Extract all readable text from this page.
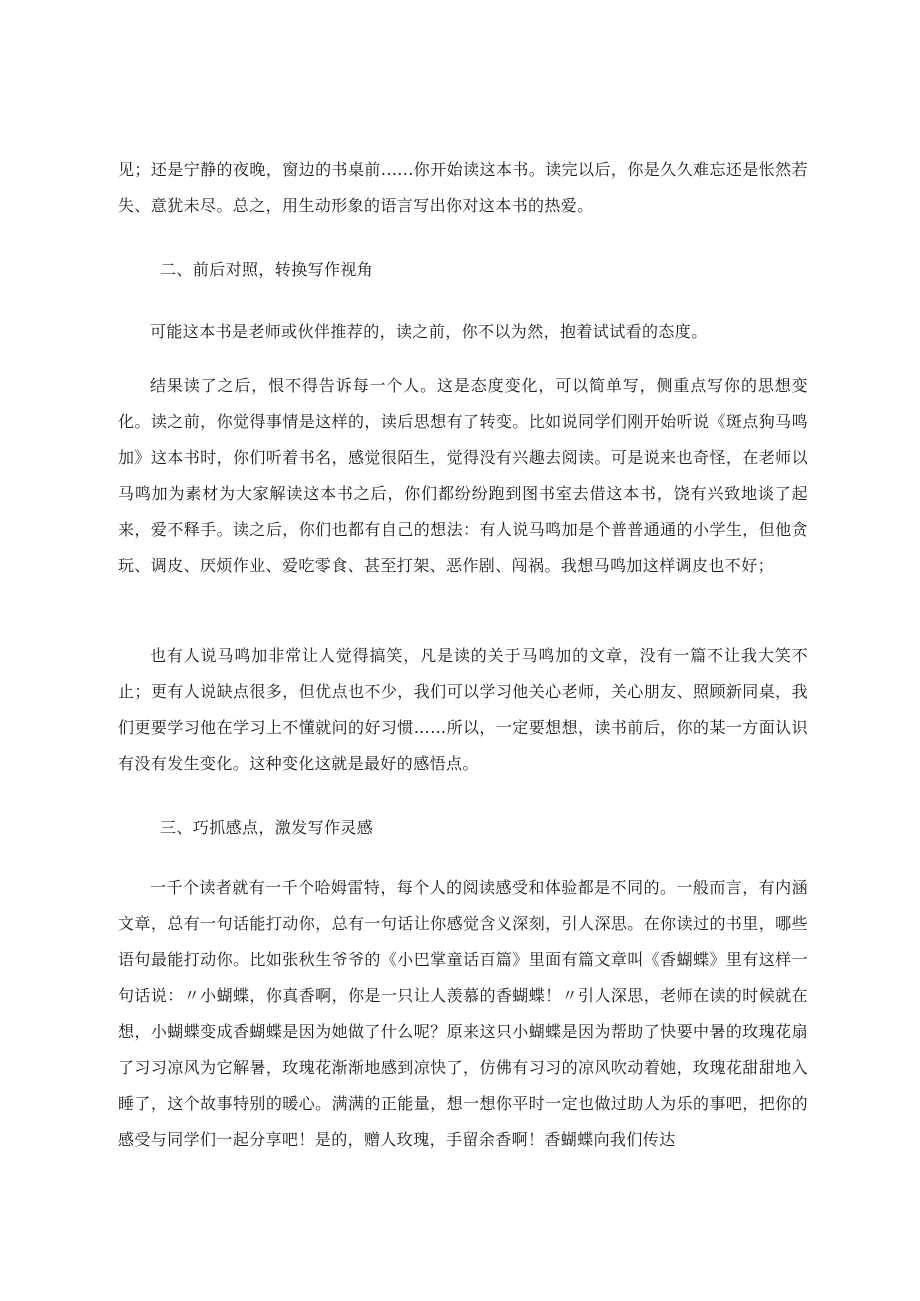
见；还是宁静的夜晚，窗边的书桌前......你开始读这本书。读完以后，你是久久难忘还是怅然若失、意犹未尽。总之，用生动形象的语言写出你对这本书的热爱。

二、前后对照，转换写作视角

可能这本书是老师或伙伴推荐的，读之前，你不以为然，抱着试试看的态度。

结果读了之后，恨不得告诉每一个人。这是态度变化，可以简单写，侧重点写你的思想变化。读之前，你觉得事情是这样的，读后思想有了转变。比如说同学们刚开始听说《斑点狗马鸣加》这本书时，你们听着书名，感觉很陌生，觉得没有兴趣去阅读。可是说来也奇怪，在老师以马鸣加为素材为大家解读这本书之后，你们都纷纷跑到图书室去借这本书，饶有兴致地谈了起来，爱不释手。读之后，你们也都有自己的想法：有人说马鸣加是个普普通通的小学生，但他贪玩、调皮、厌烦作业、爱吃零食、甚至打架、恶作剧、闯祸。我想马鸣加这样调皮也不好；

也有人说马鸣加非常让人觉得搞笑，凡是读的关于马鸣加的文章，没有一篇不让我大笑不止；更有人说缺点很多，但优点也不少，我们可以学习他关心老师，关心朋友、照顾新同桌，我们更要学习他在学习上不懂就问的好习惯……所以，一定要想想，读书前后，你的某一方面认识有没有发生变化。这种变化这就是最好的感悟点。

三、巧抓感点，激发写作灵感

一千个读者就有一千个哈姆雷特，每个人的阅读感受和体验都是不同的。一般而言，有内涵文章，总有一句话能打动你，总有一句话让你感觉含义深刻，引人深思。在你读过的书里，哪些语句最能打动你。比如张秋生爷爷的《小巴掌童话百篇》里面有篇文章叫《香蝴蝶》里有这样一句话说：〃小蝴蝶，你真香啊，你是一只让人羡慕的香蝴蝶！〃引人深思，老师在读的时候就在想，小蝴蝶变成香蝴蝶是因为她做了什么呢？原来这只小蝴蝶是因为帮助了快要中暑的玫瑰花扇了习习凉风为它解暑，玫瑰花渐渐地感到凉快了，仿佛有习习的凉风吹动着她，玫瑰花甜甜地入睡了，这个故事特别的暖心。满满的正能量，想一想你平时一定也做过助人为乐的事吧，把你的感受与同学们一起分享吧！是的，赠人玫瑰，手留余香啊！香蝴蝶向我们传达
